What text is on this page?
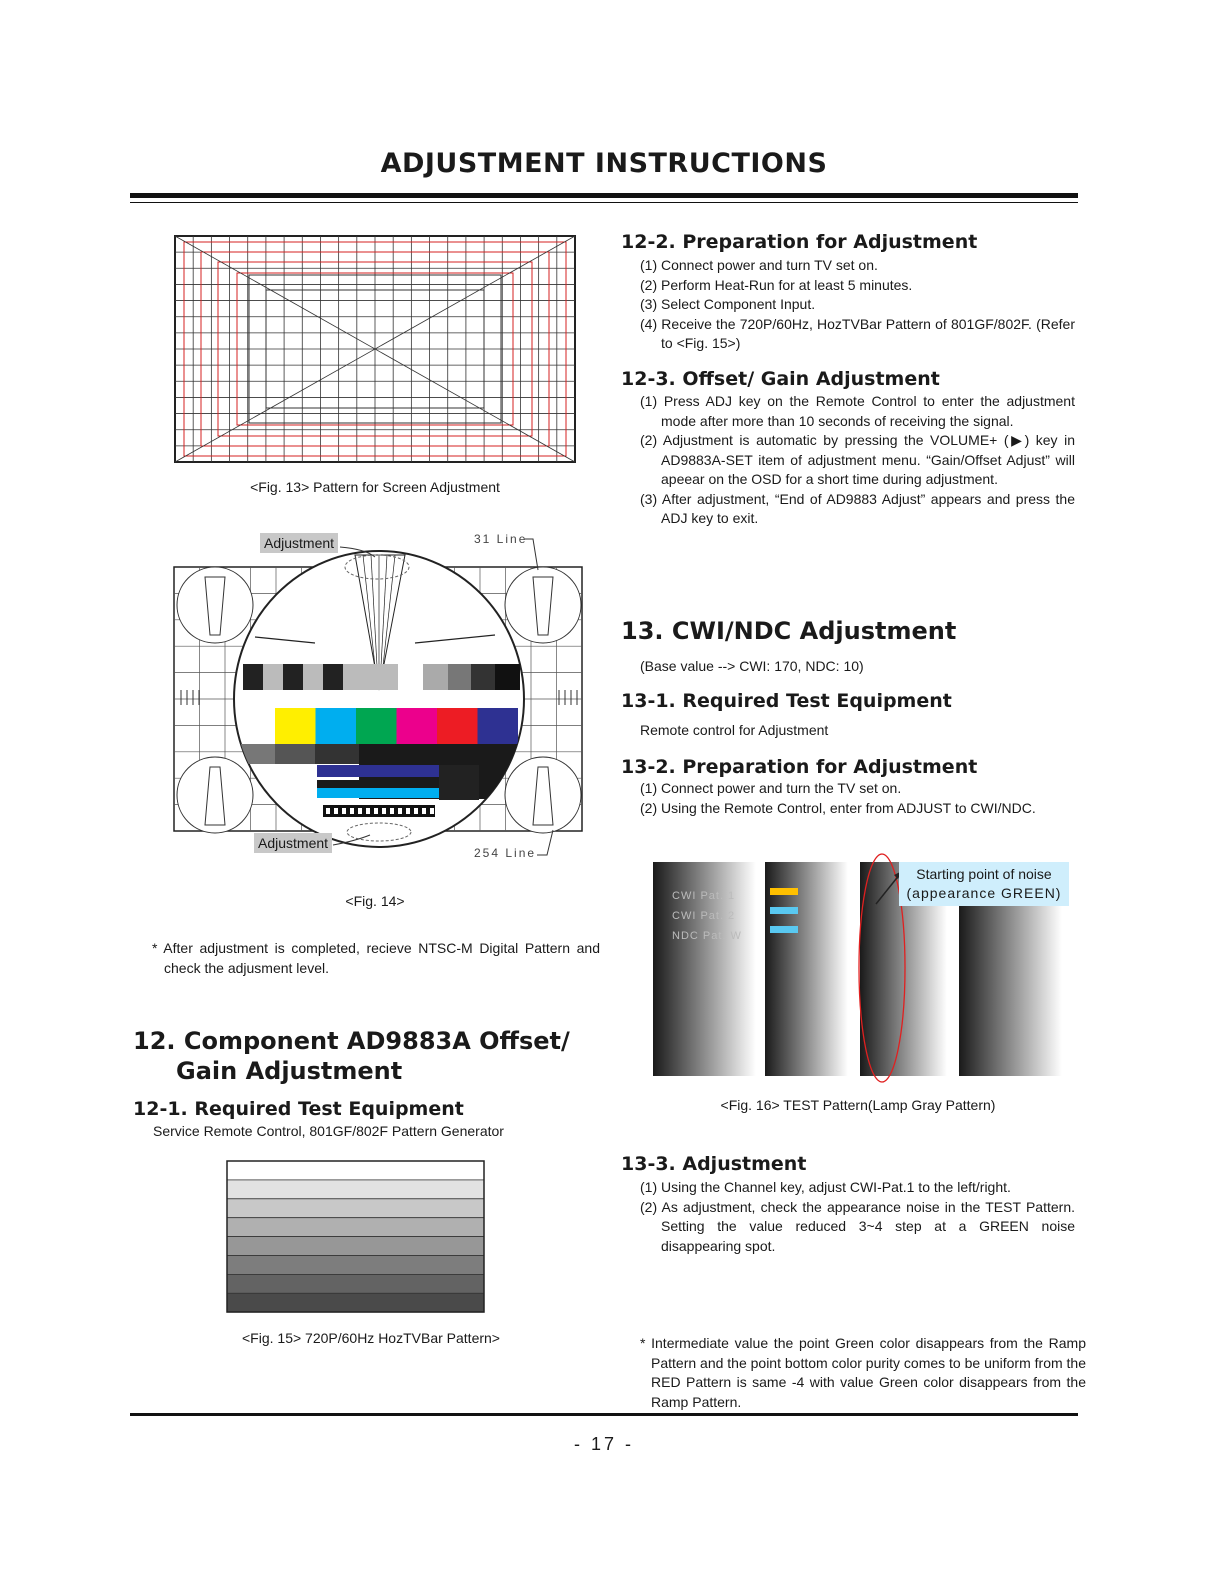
ADJUSTMENT INSTRUCTIONS
<Fig. 13> Pattern for Screen Adjustment
Adjustment
Adjustment
31 Line
254 Line
<Fig. 14>
* After adjustment is completed, recieve NTSC-M Digital Pattern and check the adjusment level.
12. Component AD9883A Offset/
Gain Adjustment
12-1. Required Test Equipment
Service Remote Control, 801GF/802F Pattern Generator
<Fig. 15> 720P/60Hz HozTVBar Pattern>
12-2. Preparation for Adjustment
(1) Connect power and turn TV set on.
(2) Perform Heat-Run for at least 5 minutes.
(3) Select Component Input.
(4) Receive the 720P/60Hz, HozTVBar Pattern of 801GF/802F. (Refer to <Fig. 15>)
12-3. Offset/ Gain Adjustment
(1) Press ADJ key on the Remote Control to enter the adjustment mode after more than 10 seconds of receiving the signal.
(2) Adjustment is automatic by pressing the VOLUME+ (▶) key in AD9883A-SET item of adjustment menu. “Gain/Offset Adjust” will apeear on the OSD for a short time during adjustment.
(3) After adjustment, “End of AD9883 Adjust” appears and press the ADJ key to exit.
13. CWI/NDC Adjustment
(Base value --> CWI: 170, NDC: 10)
13-1. Required Test Equipment
Remote control for Adjustment
13-2. Preparation for Adjustment
(1) Connect power and turn the TV set on.
(2) Using the Remote Control, enter from ADJUST to CWI/NDC.
Starting point of noise
(appearance GREEN)
CWI Pat. 1
CWI Pat. 2
NDC Pat. W
<Fig. 16> TEST Pattern(Lamp Gray Pattern)
13-3. Adjustment
(1) Using the Channel key, adjust CWI-Pat.1 to the left/right.
(2) As adjustment, check the appearance noise in the TEST Pattern. Setting the value reduced 3~4 step at a GREEN noise disappearing spot.
* Intermediate value the point Green color disappears from the Ramp Pattern and the point bottom color purity comes to be uniform from the RED Pattern is same -4 with value Green color disappears from the Ramp Pattern.
- 17 -
